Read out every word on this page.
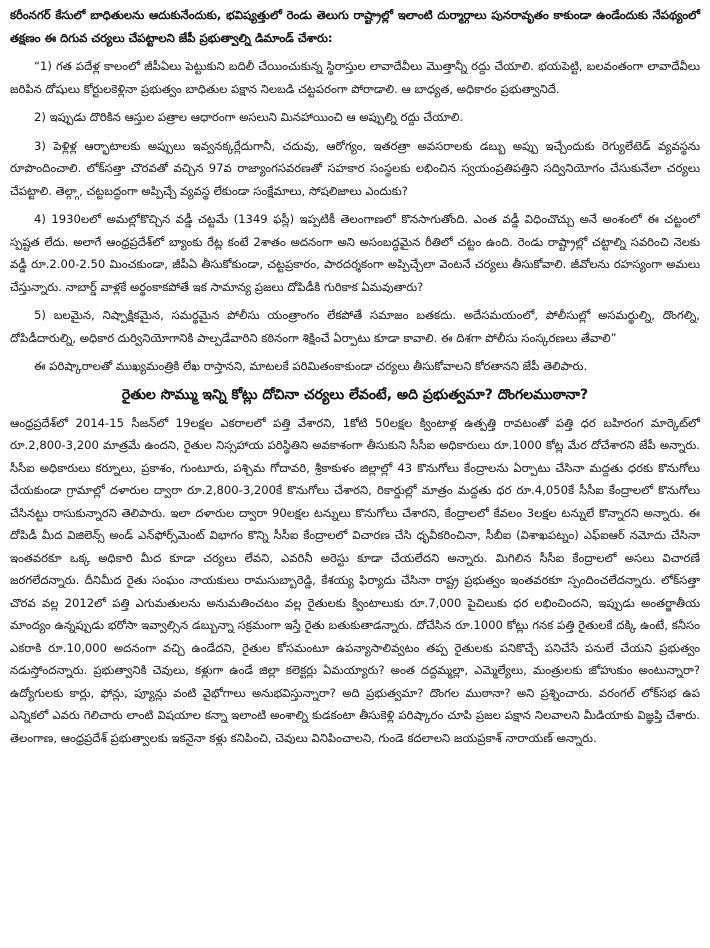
కరీంనగర్ కేసులో బాధితులను ఆదుకునేందుకు, భవిష్యత్తులో రెండు తెలుగు రాష్ట్రాల్లో ఇలాంటి దుర్మార్గాలు పునరావృతం కాకుండా ఉండేందుకు నేపథ్యంలో తక్షణం ఈ దిగువ చర్యలు చేపట్టాలని జేపీ ప్రభుత్వాల్ని డిమాండ్ చేశారు:

“1) గత పదేళ్ల కాలంలో జీపీఏలు పెట్టుకుని బదిలీ చేయించుకున్న స్థిరాస్తుల లావాదేవీలు మొత్తాన్నీ రద్దు చేయాలి. భయపెట్టి, బలవంతంగా లావాదేవీలు జరిపిన దోషులు కోర్టులకెళ్లినా ప్రభుత్వం బాధితుల పక్షాన నిలబడి చట్టపరంగా పోరాడాలి. ఆ బాధ్యత, అధికారం ప్రభుత్వానిదే.

2) ఇప్పుడు దొరికిన ఆస్తుల పత్రాల ఆధారంగా అసలుని మినహాయించి ఆ అప్పుల్ని రద్దు చేయాలి.

3) పెళ్లిళ్ల ఆర్భాటాలకు అప్పులు ఇవ్వనక్కర్లేదుగానీ, చదువు, ఆరోగ్యం, ఇతరత్రా అవసరాలకు డబ్బు అప్పు ఇచ్చేందుకు రెగ్యులేటెడ్ వ్యవస్థను రూపొందించాలి. లోక్‌సత్తా చొరవతో వచ్చిన 97వ రాజ్యాంగసవరణతో సహకార సంస్థలకు లభించిన స్వయంప్రతిపత్తిని సద్వినియోగం చేసుకునేలా చర్యలు చేపట్టాలి. తెల్గ్గా, చట్టబద్ధంగా అప్పిచ్చే వ్యవస్థ లేకుండా సంక్షేమాలు, సోషలిజాలు ఎందుకు?

4) 1930లలో అమల్లోకొచ్చిన వడ్డీ చట్టమే (1349 ఫస్లీ) ఇప్పటికీ తెలంగాణలో కొనసాగుతోంది. ఎంత వడ్డీ విధించొచ్చు అనే అంశంలో ఈ చట్టంలో స్పష్టత లేదు. అలాగే ఆంధ్రప్రదేశ్‌లో బ్యాంకు రేట్ల కంటే 2శాతం అదనంగా అని అసంబద్ధమైన రీతిలో చట్టం ఉంది. రెండు రాష్ట్రాల్లో చట్టాల్ని సవరించి నెలకు వడ్డీ రూ.2.00-2.50 మించకుండా, జీపీఏ తీసుకోకుండా, చట్టప్రకారం, పారదర్శకంగా అప్పిచ్చేలా వెంటనే చర్యలు తీసుకోవాలి. జీవోలను రహస్యంగా అమలు చేస్తున్నారు. నాబార్డ్ వాళ్లకే అర్థంకాకపోతే ఇక సామాన్య ప్రజలు దోపిడీకి గురికాక ఏమవుతారు?

5) బలమైన, నిష్పాక్షికమైన, సమర్థమైన పోలీసు యంత్రాంగం లేకపోతే సమాజం బతకదు. అదేసమయంలో, పోలీసుల్లో అసమర్థుల్ని, దొంగల్ని, దోపిడీదారుల్ని, అధికార దుర్వినియోగానికి పాల్పడేవారిని కఠినంగా శిక్షించే ఏర్పాటు కూడా కావాలి. ఈ దిశగా పోలీసు సంస్కరణలు తేవాలి”

ఈ పరిష్కారాలతో ముఖ్యమంత్రికి లేఖ రాస్తానని, మాటలకే పరిమితంకాకుండా చర్యలు తీసుకోవాలని కోరతానని జేపీ తెలిపారు.

రైతుల సొమ్ము ఇన్ని కోట్లు దోచినా చర్యలు లేవంటే, అది ప్రభుత్వమా? దొంగలముఠానా?

ఆంధ్రప్రదేశ్‌లో 2014-15 సీజన్‌లో 19లక్షల ఎకరాలలో పత్తి వేశారని, 1కోటి 50లక్షల క్వింటాళ్ల ఉత్పత్తి రావటంతో పత్తి ధర బహిరంగ మార్కెట్‌లో రూ.2,800-3,200 మాత్రమే ఉందని, రైతుల నిస్సహాయ పరిస్థితిని అవకాశంగా తీసుకుని సీసీఐ అధికారులు రూ.1000 కోట్ల మేర దోచేశారని జేపీ అన్నారు. సీసీఐ అధికారులు కర్నూలు, ప్రకాశం, గుంటూరు, పశ్చిమ గోదావరి, శ్రీకాకుళం జిల్లాల్లో 43 కొనుగోలు కేంద్రాలను ఏర్పాటు చేసినా మద్దతు ధరకు కొనుగోలు చేయకుండా గ్రామాల్లో దళారుల ద్వారా రూ.2,800-3,200కే కొనుగోలు చేశారని, రికార్డుల్లో మాత్రం మద్దతు ధర రూ.4,050కే సీసీఐ కేంద్రాలలో కొనుగోలు చేసినట్టు రాసుకున్నారని తెలిపారు. ఇలా దళారుల ద్వారా 90లక్షల టన్నులు కొనుగోలు చేశారని, కేంద్రాలలో కేవలం 3లక్షల టన్నులే కొన్నారని అన్నారు. ఈ దోపిడీ మీద విజిలెన్స్ అండ్ ఎన్‌ఫోర్స్‌మెంట్ విభాగం కొన్ని సీసీఐ కేంద్రాలలో విచారణ చేసి ధృవీకరించినా, సీబీఐ (విశాఖపట్నం) ఎఫ్ఐఆర్ నమోదు చేసినా ఇంతవరకూ ఒక్క అధికారి మీద కూడా చర్యలు లేవని, ఎవరినీ అరెస్టు కూడా చేయలేదని అన్నారు. మిగిలిన సీసీఐ కేంద్రాలలో అసలు విచారణే జరగలేదన్నారు. దీనిమీద రైతు సంఘం నాయకులు రామసుబ్బారెడ్డి, కేశయ్య ఫిర్యాదు చేసినా రాష్ట్ర ప్రభుత్వం ఇంతవరకూ స్పందించలేదన్నారు. లోక్‌సత్తా చొరవ వల్ల 2012లో పత్తి ఎగుమతులను అనుమతించటం వల్ల రైతులకు క్వింటాలుకు రూ.7,000 పైచిలుకు ధర లభించిందని, ఇప్పుడు అంతర్జాతీయ మాంద్యం ఉన్నప్పుడు భరోసా ఇవ్వాల్సిన డబ్బున్నా సక్రమంగా ఇస్తే రైతు బతుకుతాడన్నారు. దోచేసిన రూ.1000 కోట్లు గనక పత్తి రైతులకే దక్కి ఉంటే, కనీసం ఎకరాకి రూ.10,000 అదనంగా వచ్చి ఉండేదని, రైతుల కోసమంటూ ఉపన్యాసాలివ్వటం తప్ప రైతులకు పనికొచ్చే పనిచేసే పనులే చేయని ప్రభుత్వం నడుస్తోందన్నారు. ప్రభుత్వానికి చెవులు, కళ్లుగా ఉండే జిల్లా కలెక్టర్లు ఏమయ్యారు? అంత దద్దమ్మల్లా, ఎమ్మెల్యేలు, మంత్రులకు జోహుకుం అంటున్నారా? ఉద్యోగులకు కార్లు, ఫోన్లు, ప్యూన్లు వంటి వైభోగాలు అనుభవిస్తున్నారా? అది ప్రభుత్వమా? దొంగల ముఠానా? అని ప్రశ్నించారు. వరంగల్ లోక్‌సభ ఉప ఎన్నికలో ఎవరు గెలిచారు లాంటి విషయాల కన్నా ఇలాంటి అంశాల్ని కుడకంటా తీసుకెళ్లి పరిష్కారం చూపి ప్రజల పక్షాన నిలవాలని మీడియాకు విజ్ఞప్తి చేశారు. తెలంగాణ, ఆంధ్రప్రదేశ్ ప్రభుత్వాలకు ఇకనైనా కళ్లు కనిపించి, చెవులు వినిపించాలని, గుండె కదలాలని జయప్రకాశ్ నారాయణ్ అన్నారు.
